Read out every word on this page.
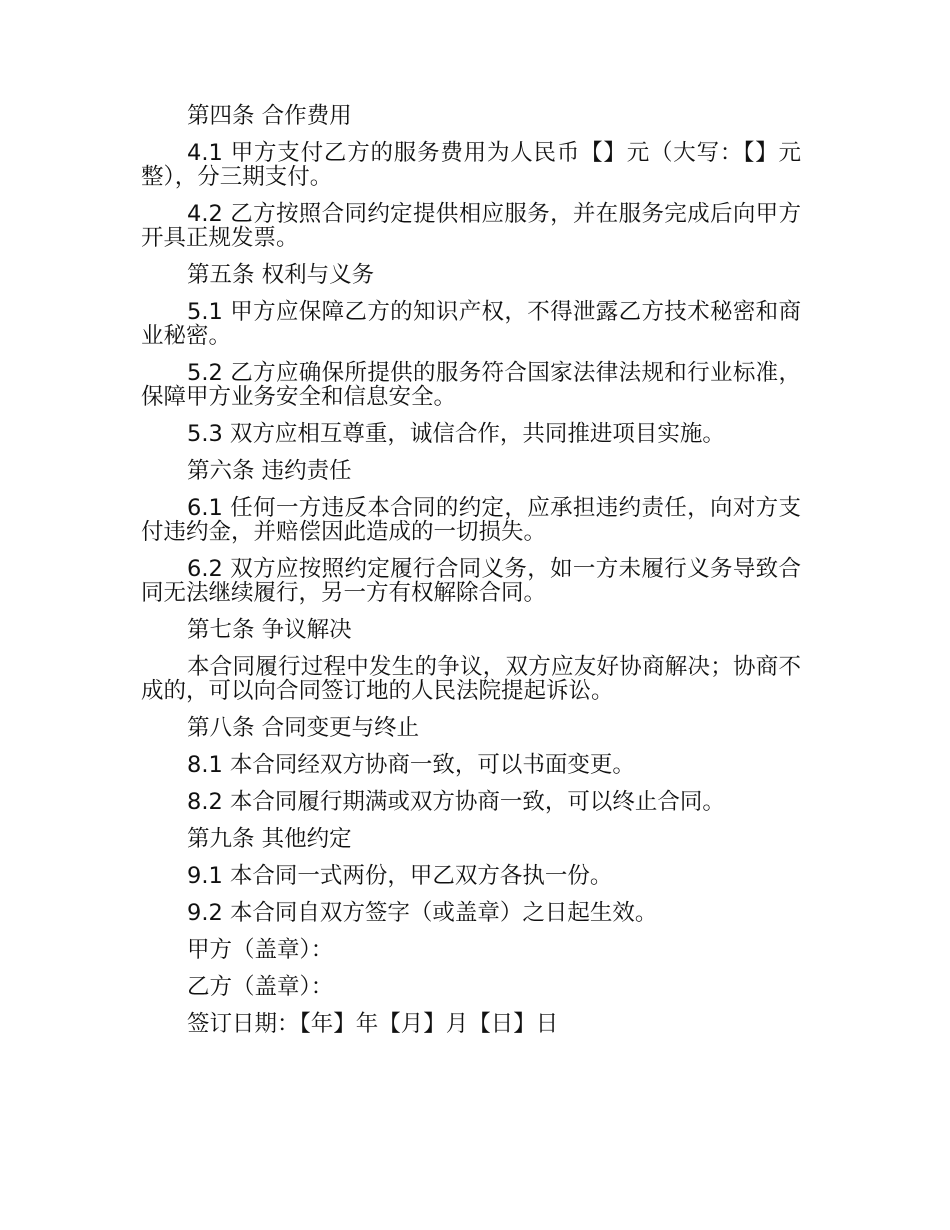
第四条 合作费用
4.1 甲方支付乙方的服务费用为人民币【】元（大写：【】元整），分三期支付。
4.2 乙方按照合同约定提供相应服务，并在服务完成后向甲方开具正规发票。
第五条 权利与义务
5.1 甲方应保障乙方的知识产权，不得泄露乙方技术秘密和商业秘密。
5.2 乙方应确保所提供的服务符合国家法律法规和行业标准，保障甲方业务安全和信息安全。
5.3 双方应相互尊重，诚信合作，共同推进项目实施。
第六条 违约责任
6.1 任何一方违反本合同的约定，应承担违约责任，向对方支付违约金，并赔偿因此造成的一切损失。
6.2 双方应按照约定履行合同义务，如一方未履行义务导致合同无法继续履行，另一方有权解除合同。
第七条 争议解决
本合同履行过程中发生的争议，双方应友好协商解决；协商不成的，可以向合同签订地的人民法院提起诉讼。
第八条 合同变更与终止
8.1 本合同经双方协商一致，可以书面变更。
8.2 本合同履行期满或双方协商一致，可以终止合同。
第九条 其他约定
9.1 本合同一式两份，甲乙双方各执一份。
9.2 本合同自双方签字（或盖章）之日起生效。
甲方（盖章）：
乙方（盖章）：
签订日期：【年】年【月】月【日】日
